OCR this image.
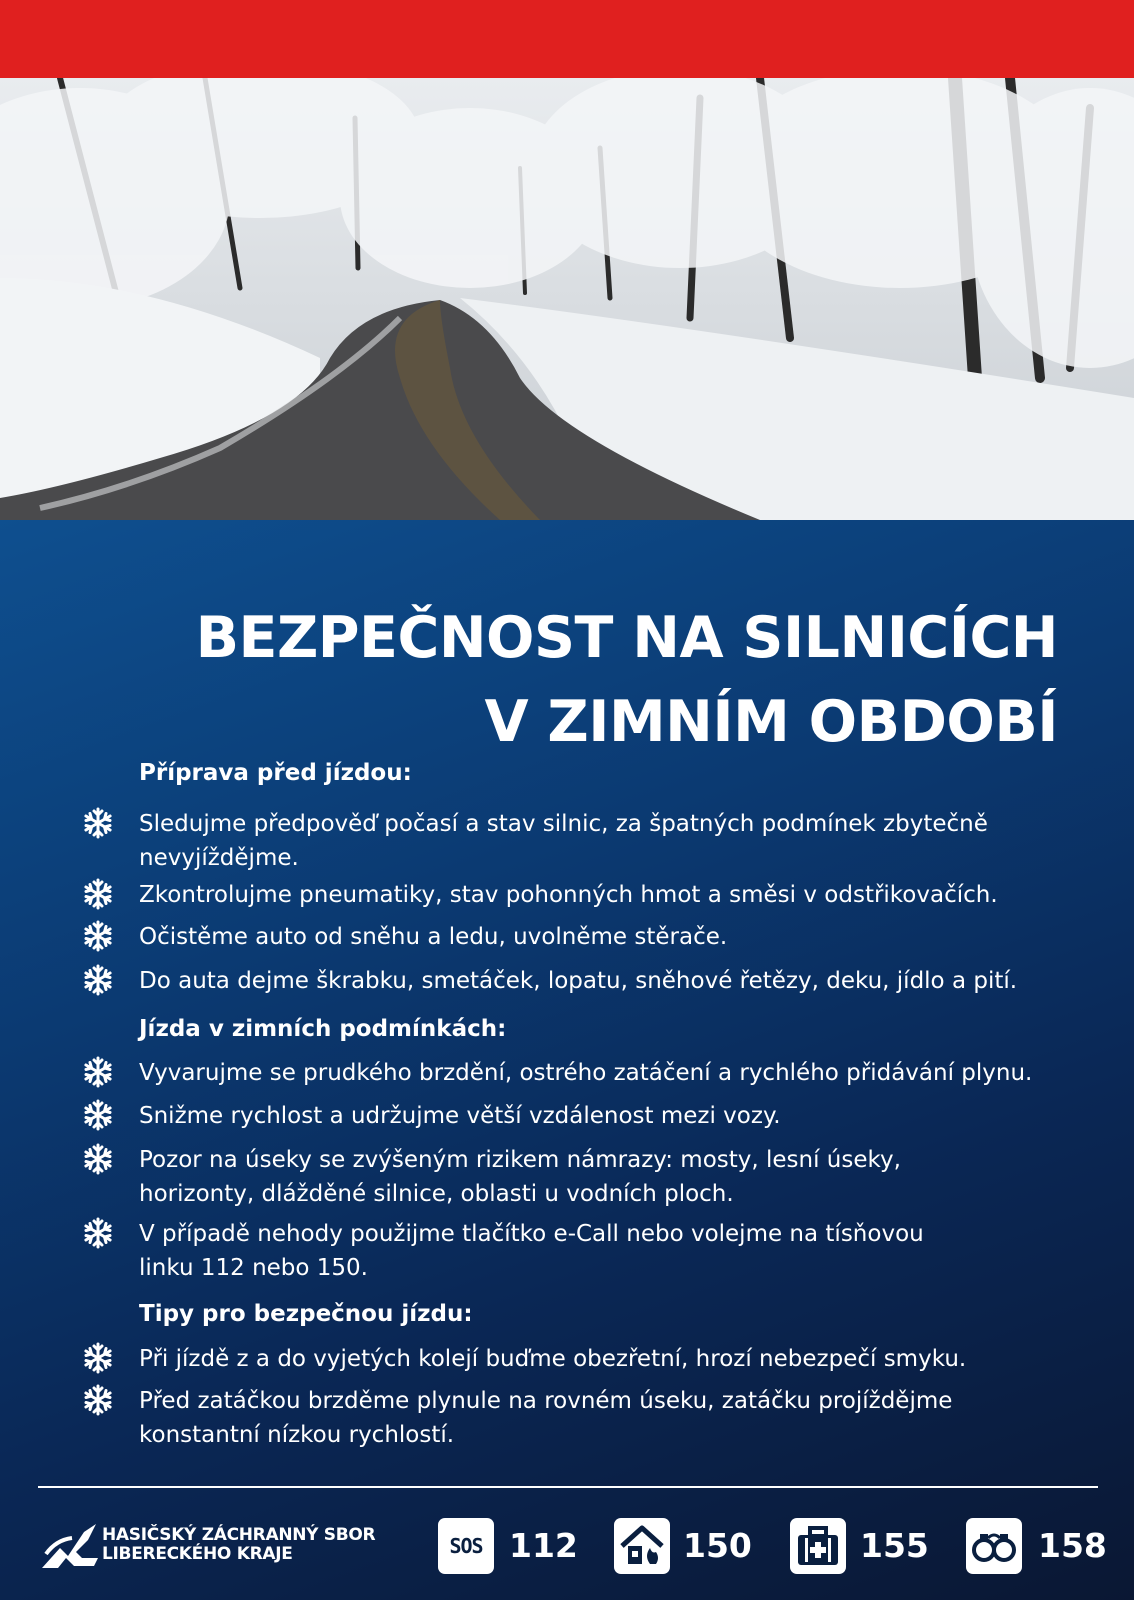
BEZPEČNOST NA SILNICÍCH
V ZIMNÍM OBDOBÍ
Příprava před jízdou:
Sledujme předpověď počasí a stav silnic, za špatných podmínek zbytečně
nevyjíždějme.
Zkontrolujme pneumatiky, stav pohonných hmot a směsi v odstřikovačích.
Očistěme auto od sněhu a ledu, uvolněme stěrače.
Do auta dejme škrabku, smetáček, lopatu, sněhové řetězy, deku, jídlo a pití.
Jízda v zimních podmínkách:
Vyvarujme se prudkého brzdění, ostrého zatáčení a rychlého přidávání plynu.
Snižme rychlost a udržujme větší vzdálenost mezi vozy.
Pozor na úseky se zvýšeným rizikem námrazy: mosty, lesní úseky,
horizonty, dlážděné silnice, oblasti u vodních ploch.
V případě nehody použijme tlačítko e-Call nebo volejme na tísňovou
linku 112 nebo 150.
Tipy pro bezpečnou jízdu:
Při jízdě z a do vyjetých kolejí buďme obezřetní, hrozí nebezpečí smyku.
Před zatáčkou brzděme plynule na rovném úseku, zatáčku projíždějme
konstantní nízkou rychlostí.
HASIČSKÝ ZÁCHRANNÝ SBOR
LIBERECKÉHO KRAJE	SOS 112	150	155	158
